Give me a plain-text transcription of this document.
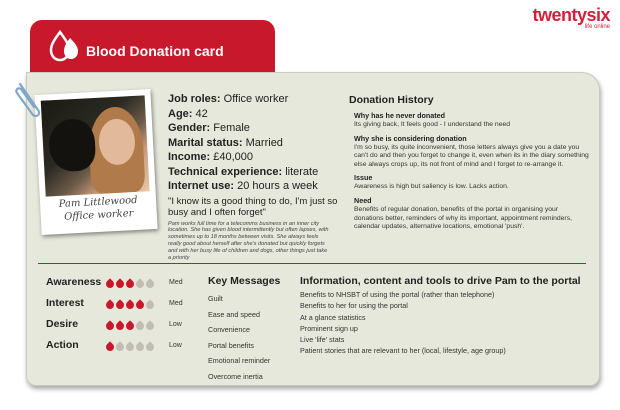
twentysix
life online
Blood Donation card
Pam Littlewood
Office worker
Job roles: Office worker
Age: 42
Gender: Female
Marital status: Married
Income: £40,000
Technical experience: literate
Internet use: 20 hours a week
"I know its a good thing to do, I'm just so busy and I often forget"
Pam works full time for a telecomms business in an inner city location. She has given blood intermittently but often lapses, with sometimes up to 18 months between visits. She always feels really good about herself after she's donated but quickly forgets and with her busy life of children and dogs, other things just take a priority
Donation History
Why has he never donated
Its giving back, It feels good - I understand the need
Why she is considering donation
I'm so busy, its quite inconvenient, those letters always give you a date you can't do and then you forget to change it, even when its in the diary something else always crops up, its not front of mind and I forget to re-arrange it.
Issue
Awareness is high but saliency is low. Lacks action.
Need
Benefits of regular donation, benefits of the portal in organising your donations better, reminders of why its important, appointment reminders, calendar updates, alternative locations, emotional 'push'.
Awareness	Med
Interest	Med
Desire	Low
Action	Low
Key Messages
Guilt
Ease and speed
Convenience
Portal benefits
Emotional reminder
Overcome inertia
Information, content and tools to drive Pam to the portal
Benefits to NHSBT of using the portal (rather than telephone)
Benefits to her for using the portal
At a glance statistics
Prominent sign up
Live 'life' stats
Patient stories that are relevant to her (local, lifestyle, age group)
